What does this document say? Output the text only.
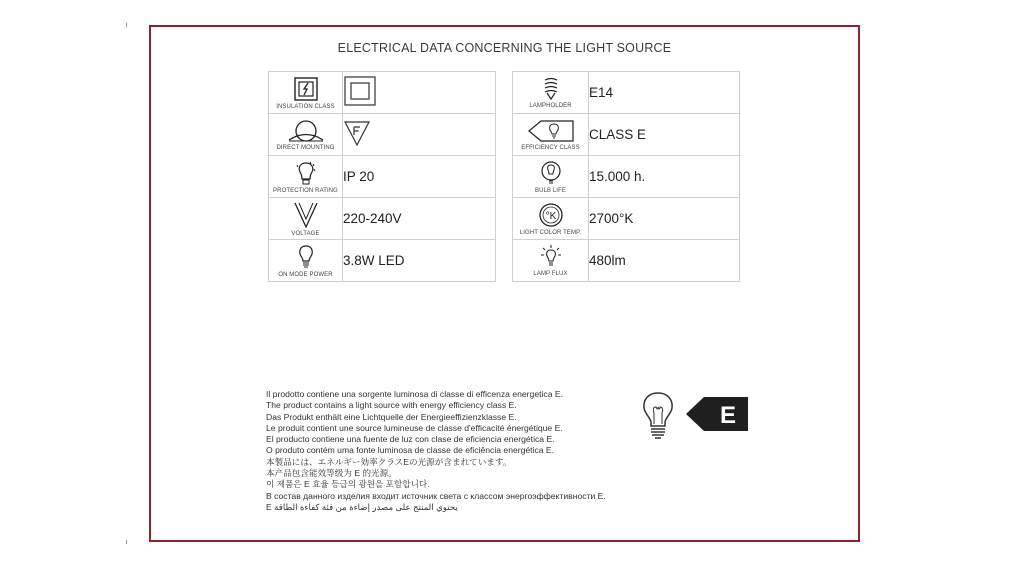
ELECTRICAL DATA CONCERNING THE LIGHT SOURCE
INSULATION CLASS

DIRECT MOUNTING

PROTECTION RATING	IP 20

VOLTAGE	220-240V

ON MODE POWER	3.8W LED
LAMPHOLDER	E14

EFFICIENCY CLASS	CLASS E

BULB LIFE	15.000 h.

°K
LIGHT COLOR TEMP.	2700°K

LAMP FLUX	480lm
Il prodotto contiene una sorgente luminosa di classe di efficenza energetica E.
The product contains a light source with energy efficiency class E.
Das Produkt enthält eine Lichtquelle der Energieeffizienzklasse E.
Le produit contient une source lumineuse de classe d'efficacité énergétique E.
El producto contiene una fuente de luz con clase de eficiencia energética E.
O produto contém uma fonte luminosa de classe de eficiência energética E.
本製品には、エネルギー効率クラスEの光源が含まれています。
本产品包含能效等级为 E 的光源。
이 제품은 E 효율 등급의 광원을 포함합니다.
В состав данного изделия входит источник света с классом энергоэффективности E.
E يحتوي المنتج على مصدر إضاءة من فئة كفاءة الطاقة
E
